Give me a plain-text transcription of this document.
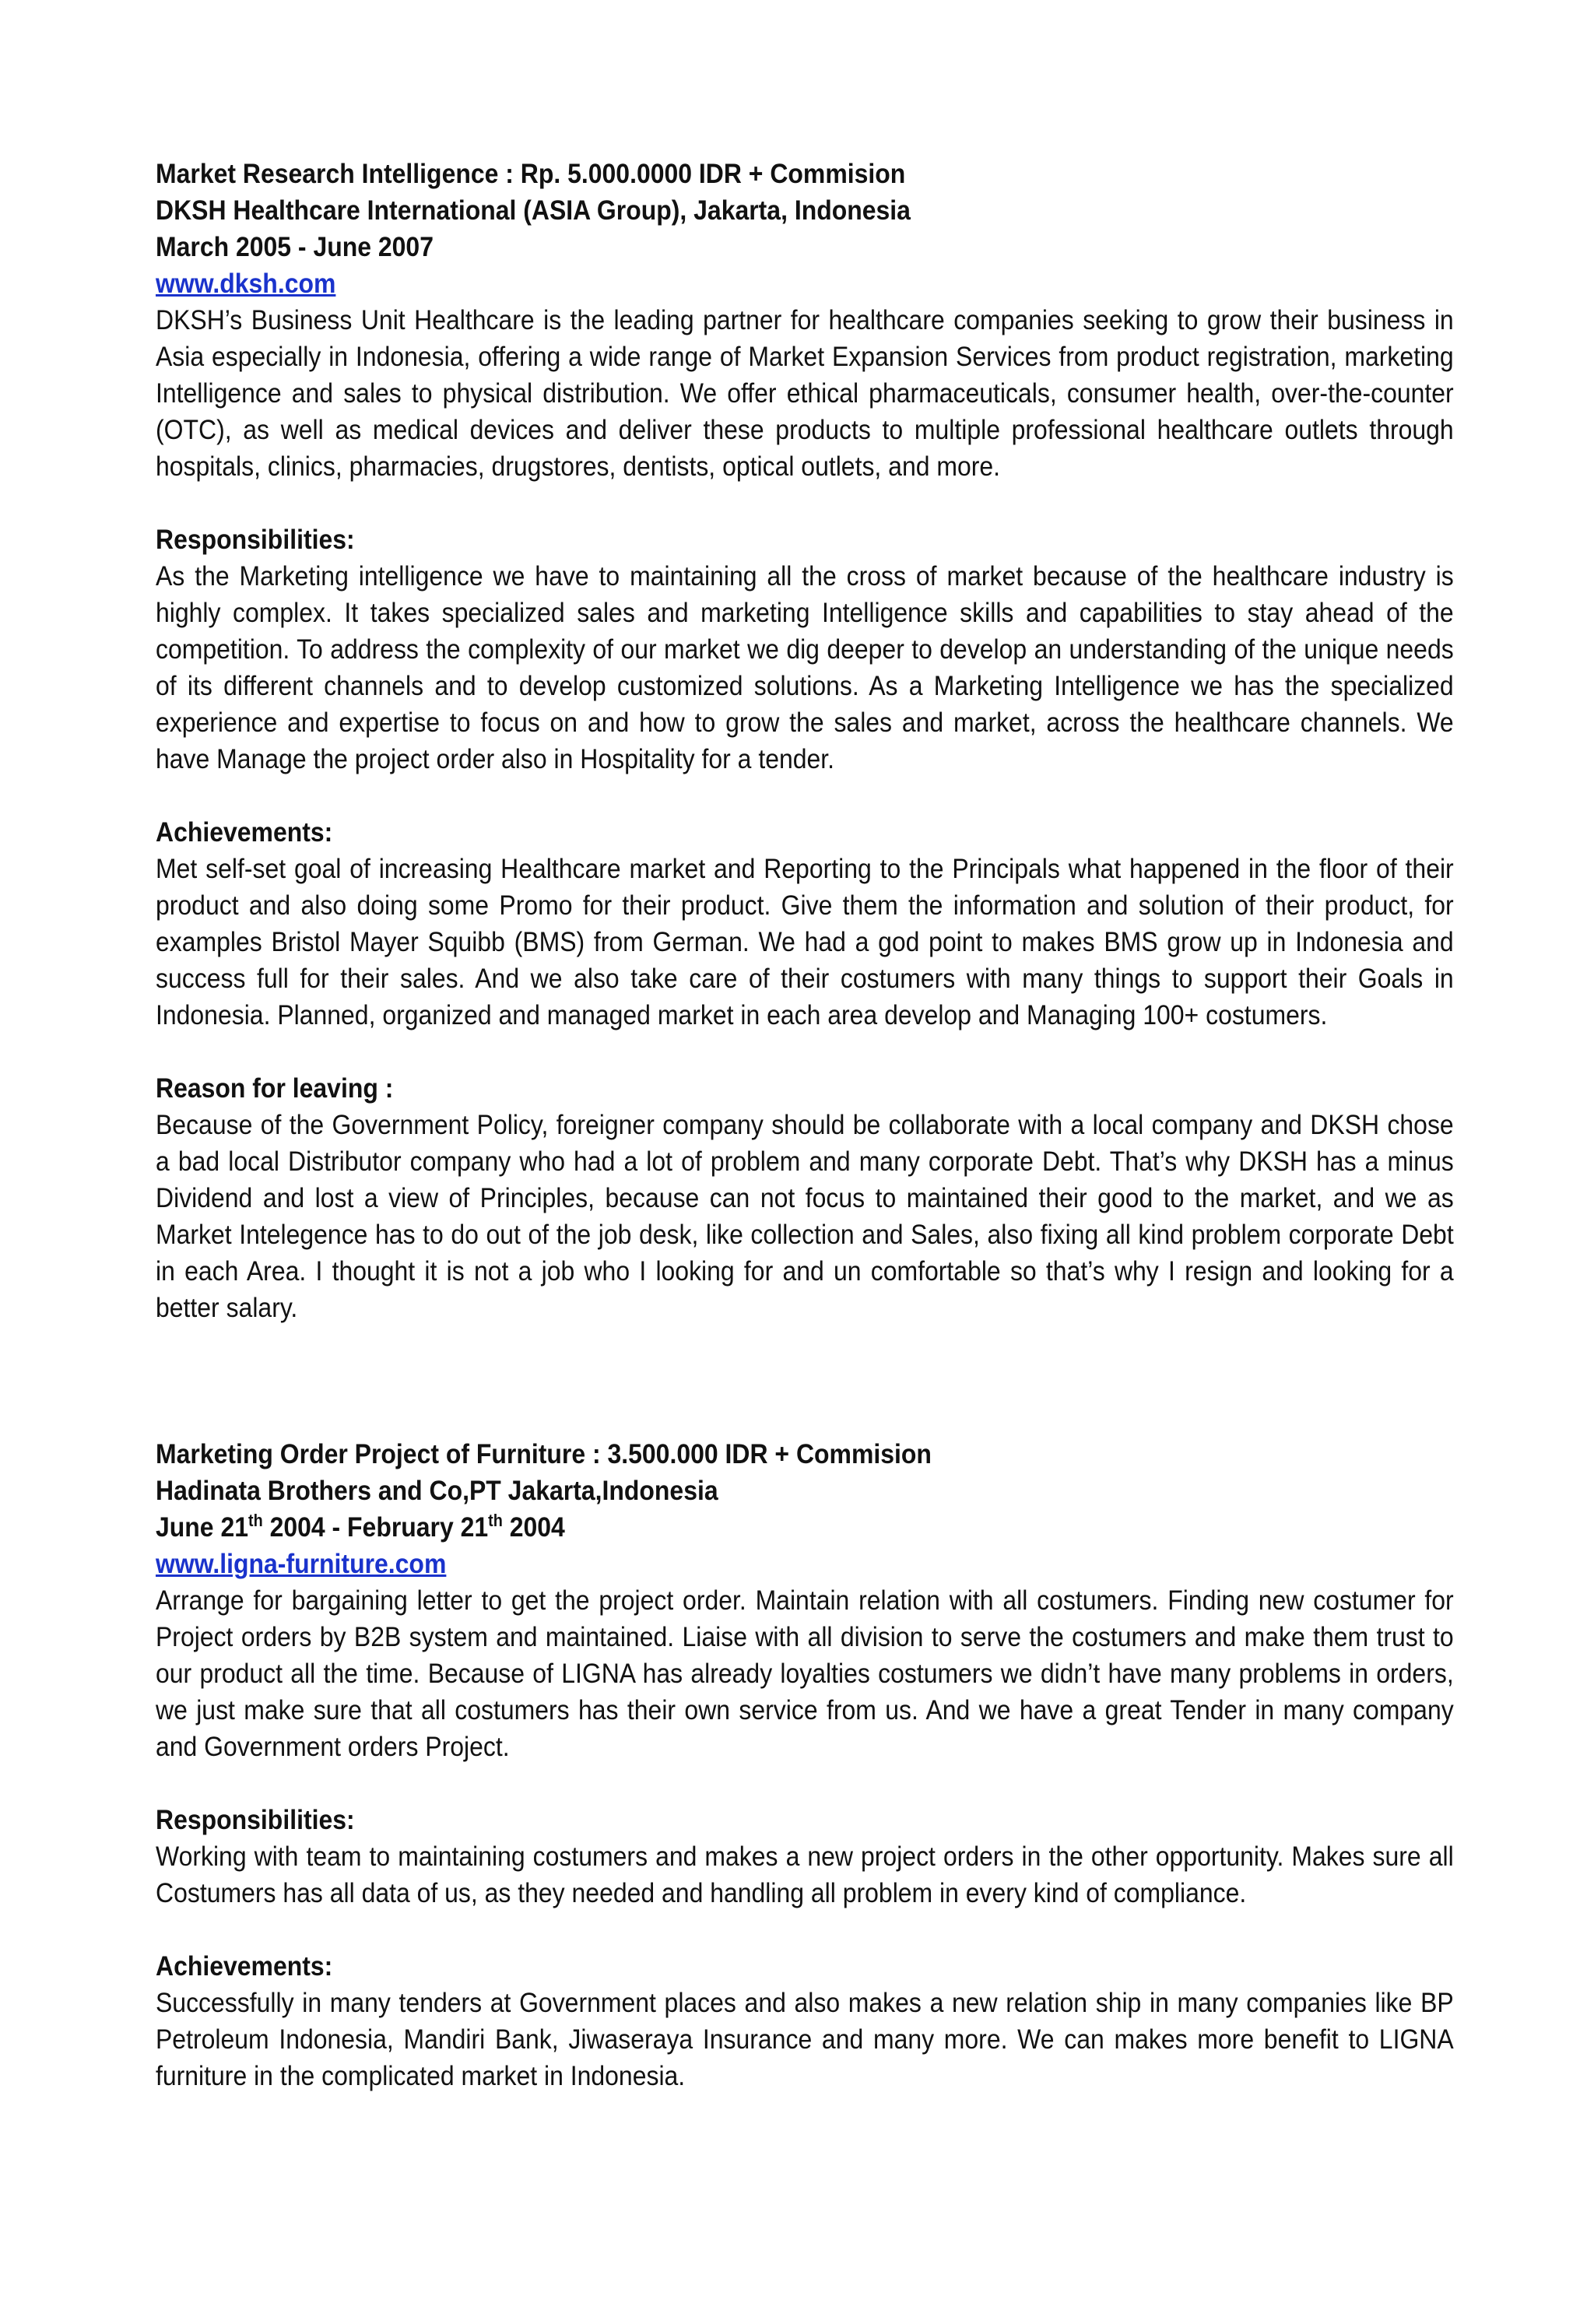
Market Research Intelligence : Rp. 5.000.0000 IDR + Commision
DKSH Healthcare International (ASIA Group), Jakarta, Indonesia
March 2005 - June 2007
www.dksh.com
DKSH’s Business Unit Healthcare is the leading partner for healthcare companies seeking to grow their business in Asia especially in Indonesia, offering a wide range of Market Expansion Services from product registration, marketing Intelligence and sales to physical distribution. We offer ethical pharmaceuticals, consumer health, over-the-counter (OTC), as well as medical devices and deliver these products to multiple professional healthcare outlets through hospitals, clinics, pharmacies, drugstores, dentists, optical outlets, and more.
Responsibilities:
As the Marketing intelligence we have to maintaining all the cross of market because of the healthcare industry is highly complex. It takes specialized sales and marketing Intelligence skills and capabilities to stay ahead of the competition. To address the complexity of our market we dig deeper to develop an understanding of the unique needs of its different channels and to develop customized solutions. As a Marketing Intelligence we has the specialized experience and expertise to focus on and how to grow the sales and market, across the healthcare channels. We have Manage the project order also in Hospitality for a tender.
Achievements:
Met self-set goal of increasing Healthcare market and Reporting to the Principals what happened in the floor of their product and also doing some Promo for their product. Give them the information and solution of their product, for examples Bristol Mayer Squibb (BMS) from German. We had a god point to makes BMS grow up in Indonesia and success full for their sales. And we also take care of their costumers with many things to support their Goals in Indonesia. Planned, organized and managed market in each area develop and Managing 100+ costumers.
Reason for leaving :
Because of the Government Policy, foreigner company should be collaborate with a local company and DKSH chose a bad local Distributor company who had a lot of problem and many corporate Debt. That’s why DKSH has a minus Dividend and lost a view of Principles, because can not focus to maintained their good to the market, and we as Market Intelegence has to do out of the job desk, like collection and Sales, also fixing all kind problem corporate Debt in each Area. I thought it is not a job who I looking for and un comfortable so that’s why I resign and looking for a better salary.
Marketing Order Project of Furniture : 3.500.000 IDR + Commision
Hadinata Brothers and Co,PT Jakarta,Indonesia
June 21th 2004 - February 21th 2004
www.ligna-furniture.com
Arrange for bargaining letter to get the project order. Maintain relation with all costumers. Finding new costumer for Project orders by B2B system and maintained. Liaise with all division to serve the costumers and make them trust to our product all the time. Because of LIGNA has already loyalties costumers we didn’t have many problems in orders, we just make sure that all costumers has their own service from us. And we have a great Tender in many company and Government orders Project.
Responsibilities:
Working with team to maintaining costumers and makes a new project orders in the other opportunity. Makes sure all Costumers has all data of us, as they needed and handling all problem in every kind of compliance.
Achievements:
Successfully in many tenders at Government places and also makes a new relation ship in many companies like BP Petroleum Indonesia, Mandiri Bank, Jiwaseraya Insurance and many more. We can makes more benefit to LIGNA furniture in the complicated market in Indonesia.
